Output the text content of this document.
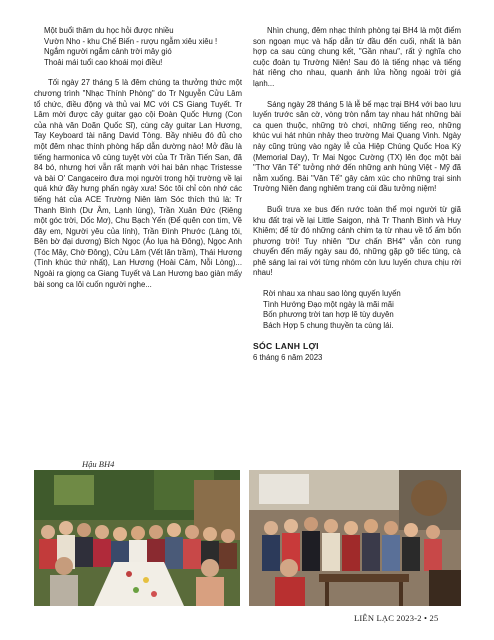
Một buổi thăm du học hỏi được nhiều
Vườn Nho - khu Chế Biến - rượu ngẫm xiêu xiêu !
Ngắm người ngắm cảnh trời mây gió
Thoải mái tuổi cao khoái mọi điều!

Tối ngày 27 tháng 5 là đêm chúng ta thưởng thức một chương trình "Nhạc Thính Phòng" do Tr Nguyễn Cửu Lâm tổ chức, điều động và thủ vai MC với CS Giang Tuyết. Tr Lâm mời được cây guitar gạo cội Đoàn Quốc Hưng (Con của nhà văn Doãn Quốc Sĩ), cùng cây guitar Lan Hương, Tay Keyboard tài năng David Tòng. Bầy nhiêu đó đủ cho một đêm nhạc thính phòng hấp dẫn dường nào! Mở đầu là tiếng harmonica vô cùng tuyệt vời của Tr Trần Tiến San, đã 84 bó, nhưng hơi vẫn rất mạnh với hai bản nhạc Tristesse và bài O' Cangaceiro đưa mọi người trong hội trường về lại quá khứ đầy hưng phấn ngày xưa! Sóc tôi chỉ còn nhớ các tiếng hát của ACE Trường Niên làm Sóc thích thú là: Tr Thanh Bình (Dư Âm, Lạnh lùng), Trần Xuân Đức (Riêng một góc trời, Dốc Mơ), Chu Bạch Yến (Để quên con tim, Về đây em, Người yêu của lính), Trần Đình Phước (Làng tôi, Bên bờ đại dương) Bích Ngọc (Áo lụa hà Đông), Ngọc Anh (Tóc Mây, Chờ Đông), Cửu Lâm (Vết lăn trầm), Thái Hương (Tình khúc thứ nhất), Lan Hương (Hoài Cảm, Nỗi Lòng)... Ngoài ra giọng ca Giang Tuyết và Lan Hương bao giàn mấy bài song ca lôi cuốn người nghe...

Nhìn chung, đêm nhạc thính phòng tại BH4 là một điểm son ngoạn mục và hấp dẫn từ đầu đến cuối, nhất là bản hợp ca sau cùng chung kết, "Gần nhau", rất ý nghĩa cho cuộc đoàn tụ Trường Niên! Sau đó là tiếng nhạc và tiếng hát riêng cho nhau, quanh ánh lửa hồng ngoài trời giá lạnh...

Sáng ngày 28 tháng 5 là lễ bế mạc trại BH4 với bao lưu luyến trước sân cờ, vòng tròn nắm tay nhau hát những bài ca quen thuộc, những trò chơi, những tiếng reo, những khúc vui hát nhún nhảy theo trường Mai Quang Vinh. Ngày này cũng trùng vào ngày lễ của Hiệp Chúng Quốc Hoa Kỳ (Memorial Day), Tr Mai Ngọc Cường (TX) lên đọc một bài "Thơ Văn Tế" tưởng nhớ đến những anh hùng Việt - Mỹ đã nằm xuống. Bài "Văn Tế" gây cảm xúc cho những trại sinh Trường Niên đang nghiêm trang cúi đầu tưởng niệm!

Buổi trưa xe bus đến rước toàn thể mọi người từ giã khu đất trại về lại Little Saigon, nhà Tr Thanh Bình và Huy Khiêm; để từ đó những cánh chim tạ từ nhau về tổ ấm bốn phương trời! Tuy nhiên "Dư chấn BH4" vẫn còn rung chuyển đến mấy ngày sau đó, những gặp gỡ tiếc tùng, cà phê sáng lai rai với từng nhóm còn lưu luyến chưa chịu rời nhau!

Rời nhau xa nhau sao lòng quyến luyến
Tình Hướng Đạo một ngày là mãi mãi
Bốn phương trời tan hợp lẽ tùy duyên
Bách Hợp 5 chung thuyền ta cùng lái.

SÓC LANH LỢI
6 tháng 6 năm 2023
Hậu BH4
LIÊN LẠC 2023-2 • 25
